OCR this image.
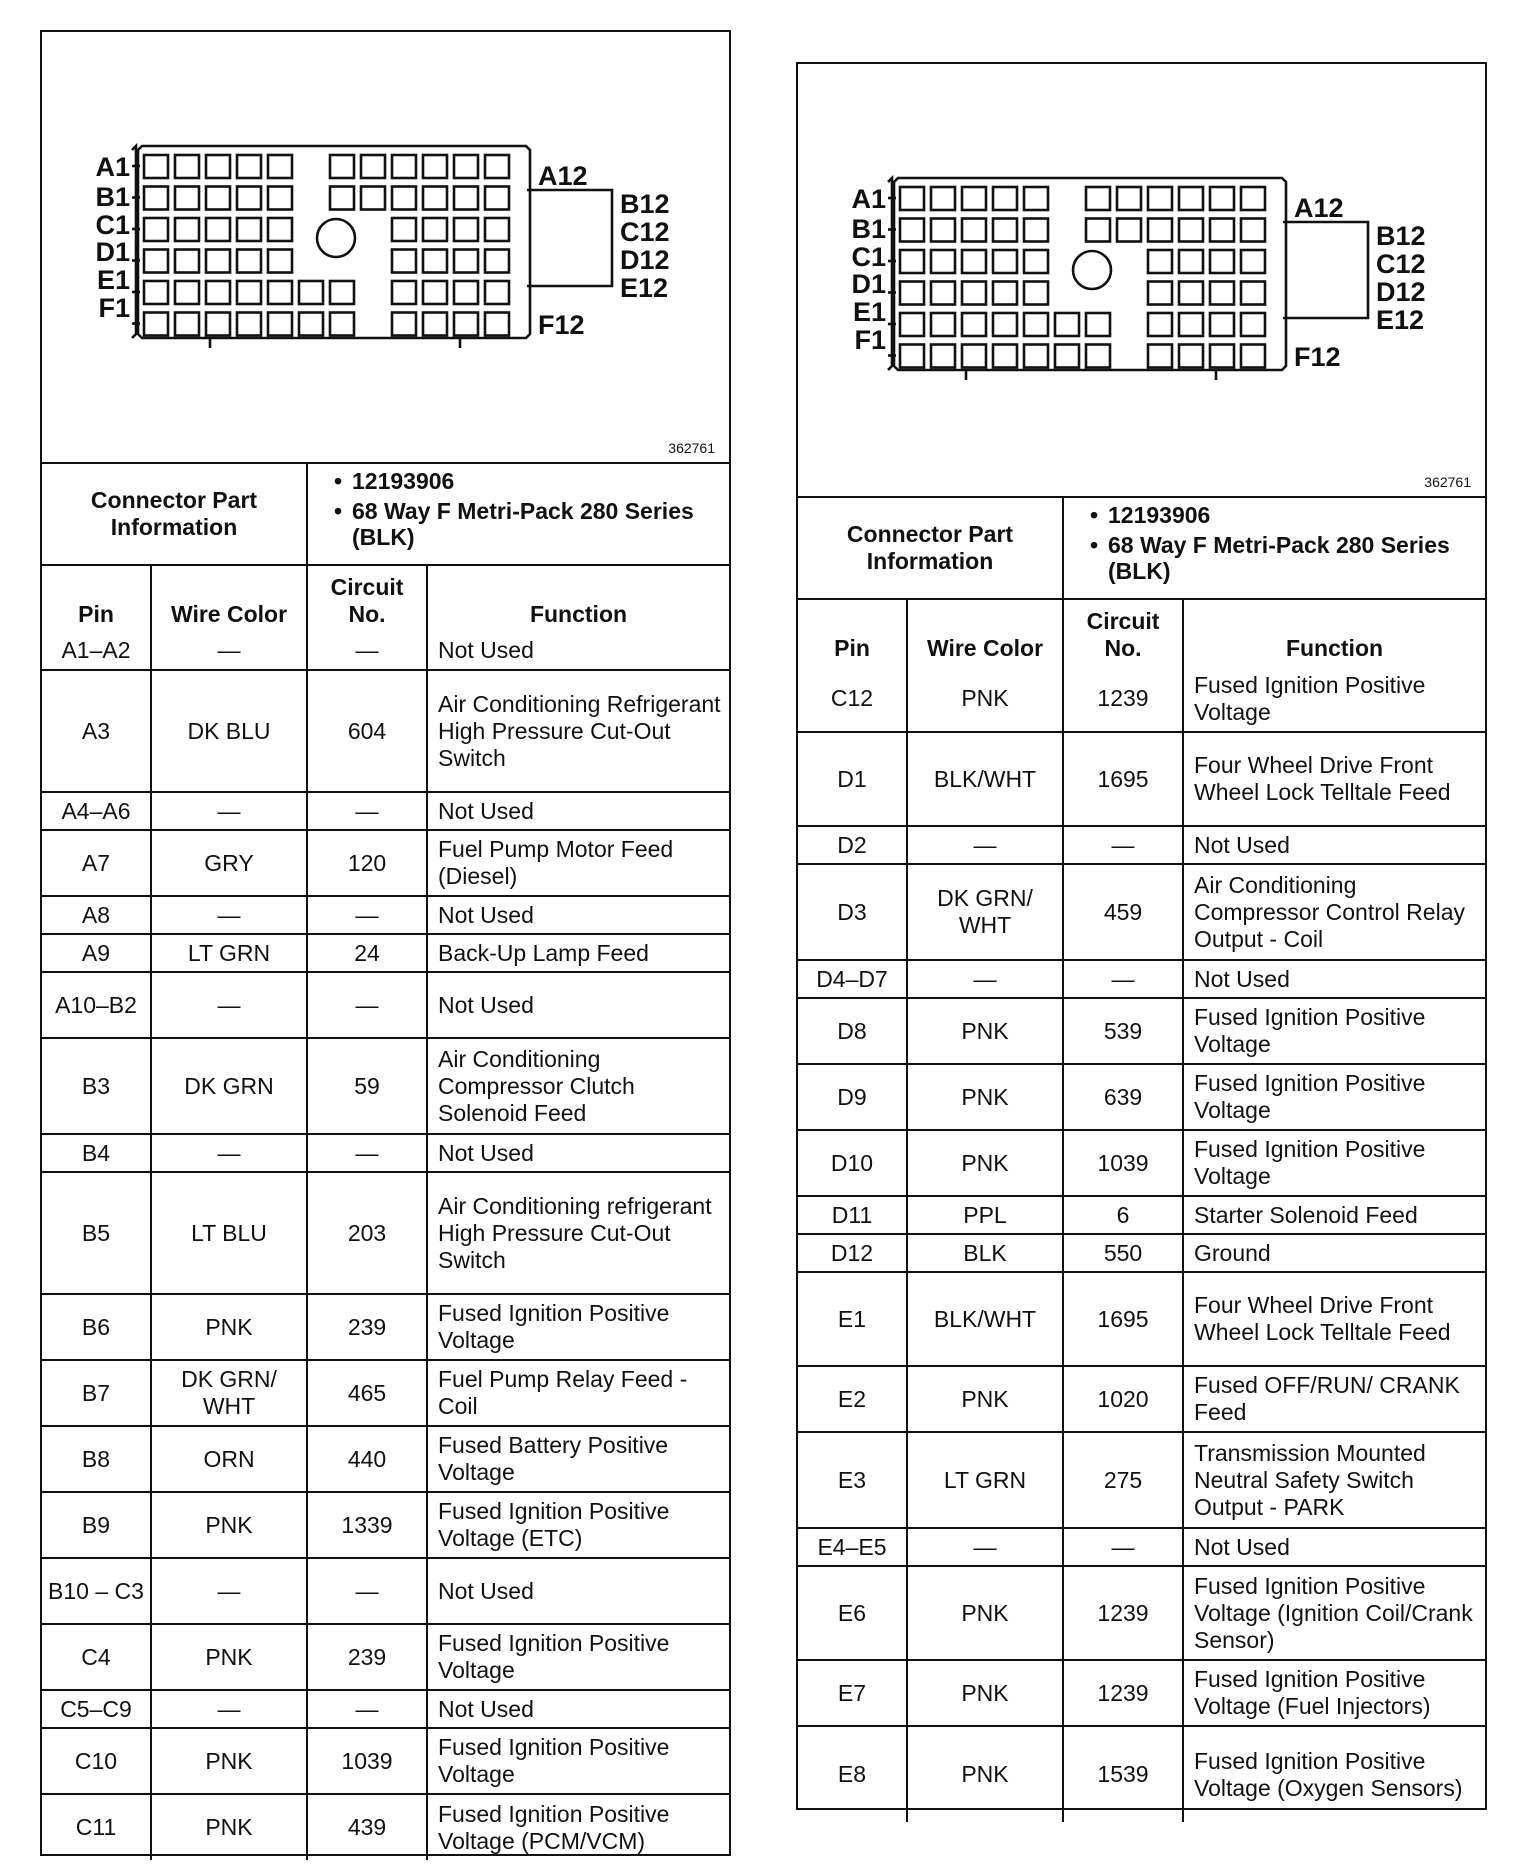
A1
B1
C1
D1
E1
F1
A12
B12
C12
D12
E12
F12
362761
Connector Part Information
• 12193906
• 68 Way F Metri-Pack 280 Series (BLK)
Pin	Wire Color	Circuit No.	Function
A1–A2	—	—	Not Used
A3	DK BLU	604	Air Conditioning Refrigerant High Pressure Cut-Out Switch
A4–A6	—	—	Not Used
A7	GRY	120	Fuel Pump Motor Feed (Diesel)
A8	—	—	Not Used
A9	LT GRN	24	Back-Up Lamp Feed
A10–B2	—	—	Not Used
B3	DK GRN	59	Air Conditioning Compressor Clutch Solenoid Feed
B4	—	—	Not Used
B5	LT BLU	203	Air Conditioning refrigerant High Pressure Cut-Out Switch
B6	PNK	239	Fused Ignition Positive Voltage
B7	DK GRN/ WHT	465	Fuel Pump Relay Feed - Coil
B8	ORN	440	Fused Battery Positive Voltage
B9	PNK	1339	Fused Ignition Positive Voltage (ETC)
B10 – C3	—	—	Not Used
C4	PNK	239	Fused Ignition Positive Voltage
C5–C9	—	—	Not Used
C10	PNK	1039	Fused Ignition Positive Voltage
C11	PNK	439	Fused Ignition Positive Voltage (PCM/VCM)
A1
B1
C1
D1
E1
F1
A12
B12
C12
D12
E12
F12
362761
Connector Part Information
• 12193906
• 68 Way F Metri-Pack 280 Series (BLK)
Pin	Wire Color	Circuit No.	Function
C12	PNK	1239	Fused Ignition Positive Voltage
D1	BLK/WHT	1695	Four Wheel Drive Front Wheel Lock Telltale Feed
D2	—	—	Not Used
D3	DK GRN/ WHT	459	Air Conditioning Compressor Control Relay Output - Coil
D4–D7	—	—	Not Used
D8	PNK	539	Fused Ignition Positive Voltage
D9	PNK	639	Fused Ignition Positive Voltage
D10	PNK	1039	Fused Ignition Positive Voltage
D11	PPL	6	Starter Solenoid Feed
D12	BLK	550	Ground
E1	BLK/WHT	1695	Four Wheel Drive Front Wheel Lock Telltale Feed
E2	PNK	1020	Fused OFF/RUN/ CRANK Feed
E3	LT GRN	275	Transmission Mounted Neutral Safety Switch Output - PARK
E4–E5	—	—	Not Used
E6	PNK	1239	Fused Ignition Positive Voltage (Ignition Coil/Crank Sensor)
E7	PNK	1239	Fused Ignition Positive Voltage (Fuel Injectors)
E8	PNK	1539	Fused Ignition Positive Voltage (Oxygen Sensors)
